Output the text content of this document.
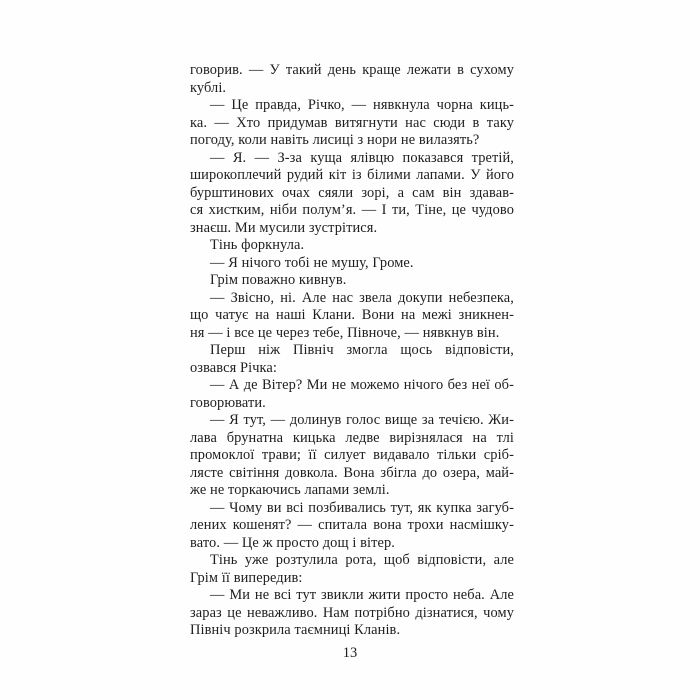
говорив. — У такий день краще лежати в сухому
кублі.
— Це правда, Річко, — нявкнула чорна киць-
ка. — Хто придумав витягнути нас сюди в таку
погоду, коли навіть лисиці з нори не вилазять?
— Я. — З-за куща ялівцю показався третій,
широкоплечий рудий кіт із білими лапами. У його
бурштинових очах сяяли зорі, а сам він здавав-
ся хистким, ніби полум’я. — І ти, Тіне, це чудово
знаєш. Ми мусили зустрітися.
Тінь форкнула.
— Я нічого тобі не мушу, Громе.
Грім поважно кивнув.
— Звісно, ні. Але нас звела докупи небезпека,
що чатує на наші Клани. Вони на межі зникнен-
ня — і все це через тебе, Півноче, — нявкнув він.
Перш ніж Північ змогла щось відповісти,
озвався Річка:
— А де Вітер? Ми не можемо нічого без неї об-
говорювати.
— Я тут, — долинув голос вище за течією. Жи-
лава брунатна кицька ледве вирізнялася на тлі
промоклої трави; її силует видавало тільки сріб-
лясте світіння довкола. Вона збігла до озера, май-
же не торкаючись лапами землі.
— Чому ви всі позбивались тут, як купка загуб-
лених кошенят? — спитала вона трохи насмішку-
вато. — Це ж просто дощ і вітер.
Тінь уже розтулила рота, щоб відповісти, але
Грім її випередив:
— Ми не всі тут звикли жити просто неба. Але
зараз це неважливо. Нам потрібно дізнатися, чому
Північ розкрила таємниці Кланів.
13
